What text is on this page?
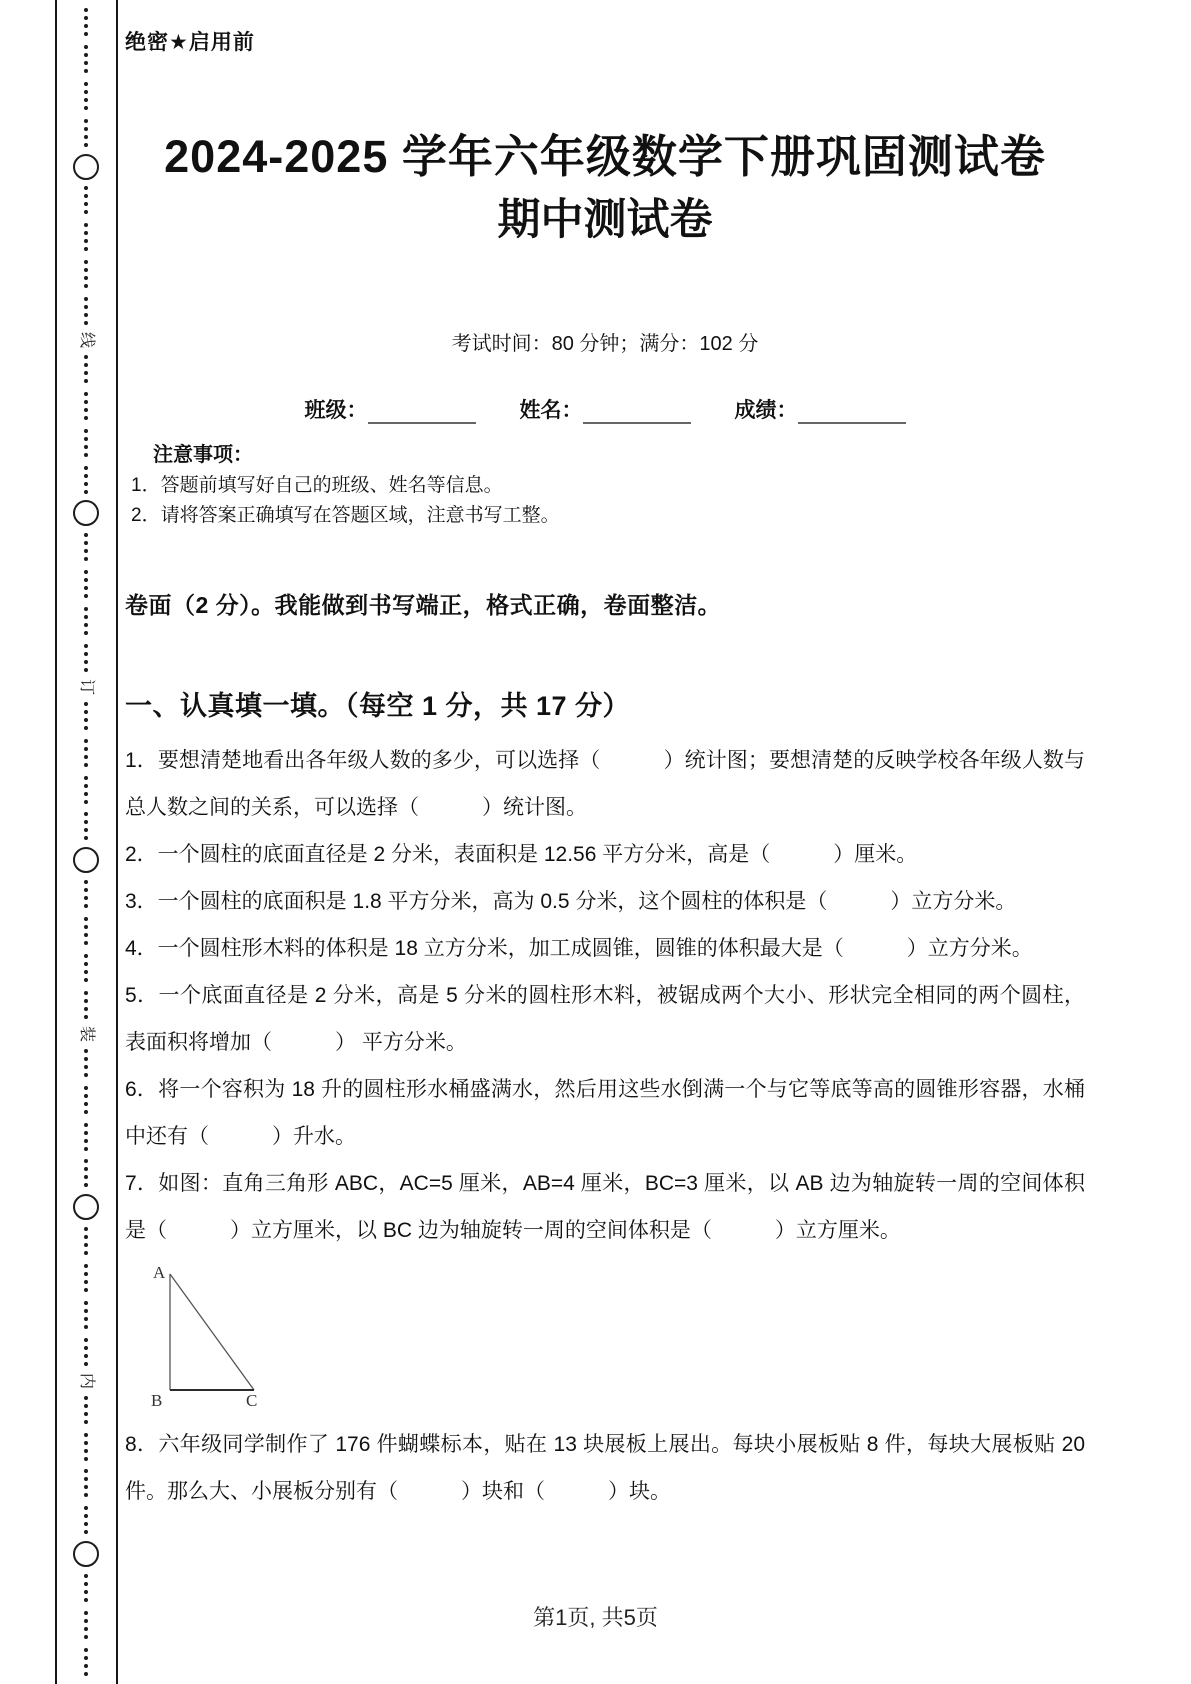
线
订
装
内
绝密★启用前
2024-2025 学年六年级数学下册巩固测试卷
期中测试卷
考试时间：80 分钟；满分：102 分
班级：	姓名：	成绩：
注意事项：

1．答题前填写好自己的班级、姓名等信息。

2．请将答案正确填写在答题区域，注意书写工整。

卷面（2 分）。我能做到书写端正，格式正确，卷面整洁。
一、认真填一填。（每空 1 分，共 17 分）

1．要想清楚地看出各年级人数的多少，可以选择（　　　）统计图；要想清楚的反映学校各年级人数与总人数之间的关系，可以选择（　　　）统计图。

2．一个圆柱的底面直径是 2 分米，表面积是 12.56 平方分米，高是（　　　）厘米。

3．一个圆柱的底面积是 1.8 平方分米，高为 0.5 分米，这个圆柱的体积是（　　　）立方分米。

4．一个圆柱形木料的体积是 18 立方分米，加工成圆锥，圆锥的体积最大是（　　　）立方分米。

5．一个底面直径是 2 分米，高是 5 分米的圆柱形木料，被锯成两个大小、形状完全相同的两个圆柱，表面积将增加（　　　） 平方分米。

6．将一个容积为 18 升的圆柱形水桶盛满水，然后用这些水倒满一个与它等底等高的圆锥形容器，水桶中还有（　　　）升水。

7．如图：直角三角形 ABC，AC=5 厘米，AB=4 厘米，BC=3 厘米，以 AB 边为轴旋转一周的空间体积是（　　　）立方厘米，以 BC 边为轴旋转一周的空间体积是（　　　）立方厘米。

A
B	C

8．六年级同学制作了 176 件蝴蝶标本，贴在 13 块展板上展出。每块小展板贴 8 件，每块大展板贴 20 件。那么大、小展板分别有（　　　）块和（　　　）块。

第1页, 共5页
